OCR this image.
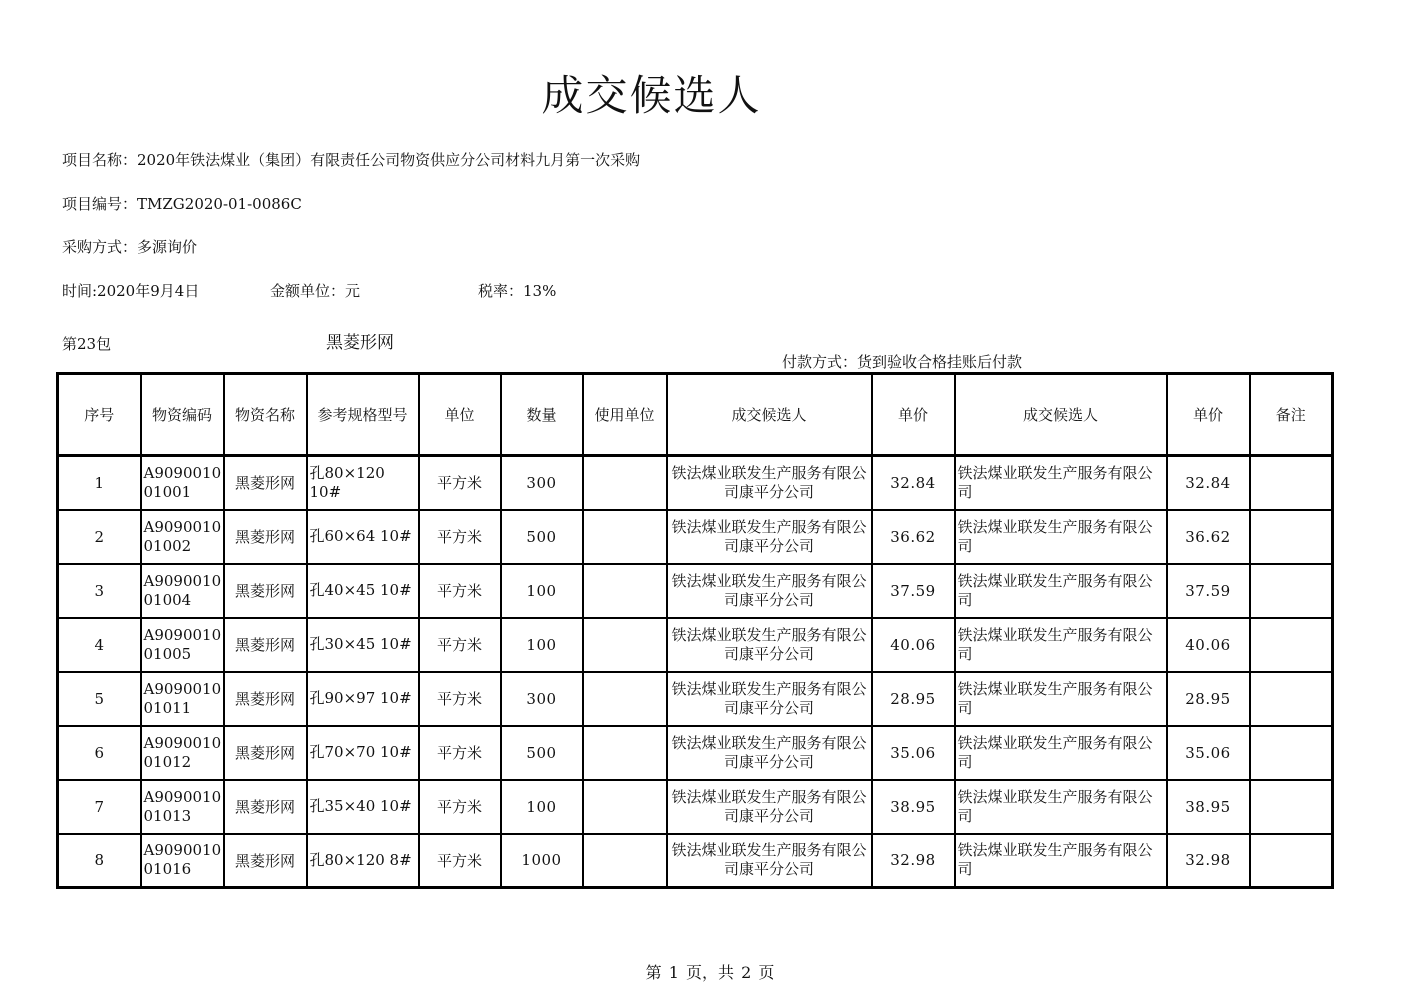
成交候选人
项目名称：2020年铁法煤业（集团）有限责任公司物资供应分公司材料九月第一次采购
项目编号：TMZG2020-01-0086C
采购方式：多源询价
时间:2020年9月4日	金额单位：元	税率：13%
第23包	黑菱形网
付款方式：货到验收合格挂账后付款
序号	物资编码	物资名称	参考规格型号	单位	数量	使用单位	成交候选人	单价	成交候选人	单价	备注
1	A909001001001	黑菱形网	孔80×120 10#	平方米	300		铁法煤业联发生产服务有限公司康平分公司	32.84	铁法煤业联发生产服务有限公司	32.84	
2	A909001001002	黑菱形网	孔60×64 10#	平方米	500		铁法煤业联发生产服务有限公司康平分公司	36.62	铁法煤业联发生产服务有限公司	36.62	
3	A909001001004	黑菱形网	孔40×45 10#	平方米	100		铁法煤业联发生产服务有限公司康平分公司	37.59	铁法煤业联发生产服务有限公司	37.59	
4	A909001001005	黑菱形网	孔30×45 10#	平方米	100		铁法煤业联发生产服务有限公司康平分公司	40.06	铁法煤业联发生产服务有限公司	40.06	
5	A909001001011	黑菱形网	孔90×97 10#	平方米	300		铁法煤业联发生产服务有限公司康平分公司	28.95	铁法煤业联发生产服务有限公司	28.95	
6	A909001001012	黑菱形网	孔70×70 10#	平方米	500		铁法煤业联发生产服务有限公司康平分公司	35.06	铁法煤业联发生产服务有限公司	35.06	
7	A909001001013	黑菱形网	孔35×40 10#	平方米	100		铁法煤业联发生产服务有限公司康平分公司	38.95	铁法煤业联发生产服务有限公司	38.95	
8	A909001001016	黑菱形网	孔80×120 8#	平方米	1000		铁法煤业联发生产服务有限公司康平分公司	32.98	铁法煤业联发生产服务有限公司	32.98	
第 1 页，共 2 页
